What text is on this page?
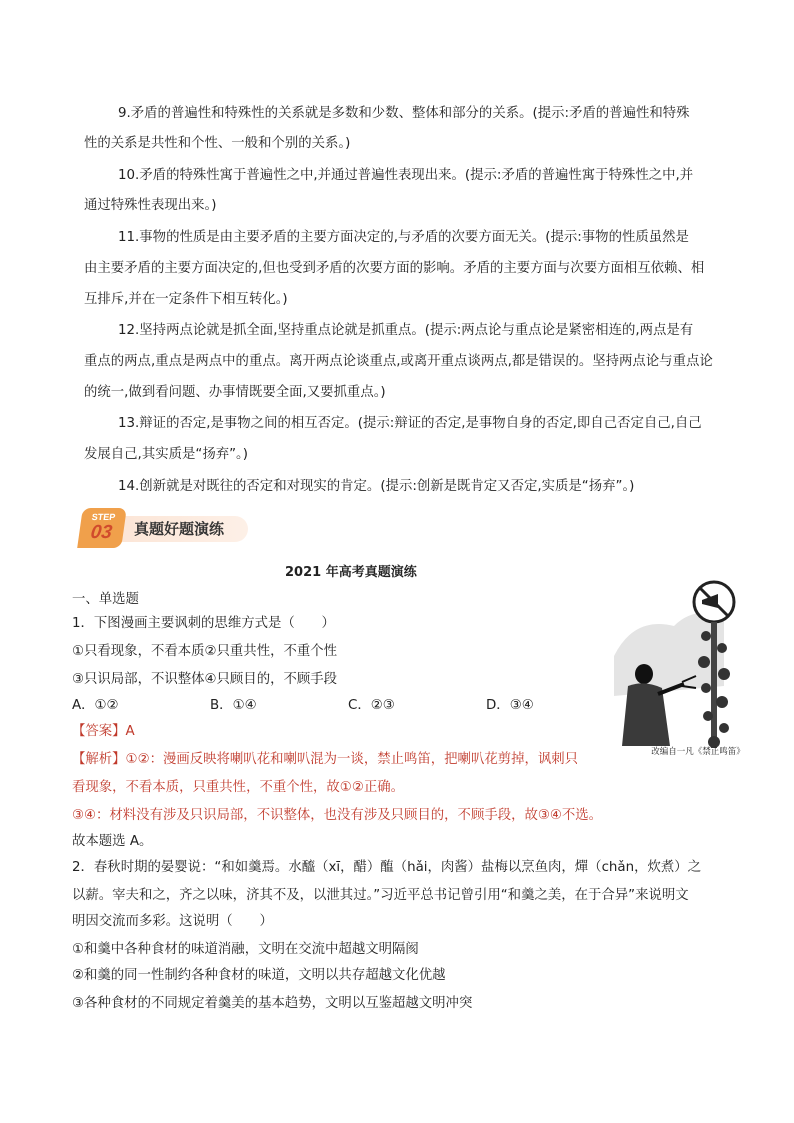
9.矛盾的普遍性和特殊性的关系就是多数和少数、整体和部分的关系。(提示:矛盾的普遍性和特殊
性的关系是共性和个性、一般和个别的关系。)
10.矛盾的特殊性寓于普遍性之中,并通过普遍性表现出来。(提示:矛盾的普遍性寓于特殊性之中,并
通过特殊性表现出来。)
11.事物的性质是由主要矛盾的主要方面决定的,与矛盾的次要方面无关。(提示:事物的性质虽然是
由主要矛盾的主要方面决定的,但也受到矛盾的次要方面的影响。矛盾的主要方面与次要方面相互依赖、相
互排斥,并在一定条件下相互转化。)
12.坚持两点论就是抓全面,坚持重点论就是抓重点。(提示:两点论与重点论是紧密相连的,两点是有
重点的两点,重点是两点中的重点。离开两点论谈重点,或离开重点谈两点,都是错误的。坚持两点论与重点论
的统一,做到看问题、办事情既要全面,又要抓重点。)
13.辩证的否定,是事物之间的相互否定。(提示:辩证的否定,是事物自身的否定,即自己否定自己,自己
发展自己,其实质是“扬弃”。)
14.创新就是对既往的否定和对现实的肯定。(提示:创新是既肯定又否定,实质是“扬弃”。)
STEP
03	真题好题演练
2021 年高考真题演练
一、单选题
1．下图漫画主要讽刺的思维方式是（　　）
①只看现象，不看本质②只重共性，不重个性
③只识局部，不识整体④只顾目的，不顾手段
A．①②	B．①④	C．②③	D．③④
【答案】A
【解析】①②：漫画反映将喇叭花和喇叭混为一谈，禁止鸣笛，把喇叭花剪掉，讽刺只
看现象，不看本质，只重共性，不重个性，故①②正确。
③④：材料没有涉及只识局部，不识整体，也没有涉及只顾目的，不顾手段，故③④不选。
故本题选 A。
改编自一凡《禁止鸣笛》
2．春秋时期的晏婴说：“和如羹焉。水醯（xī，醋）醢（hǎi，肉酱）盐梅以烹鱼肉，燀（chǎn，炊煮）之
以薪。宰夫和之，齐之以味，济其不及，以泄其过。”习近平总书记曾引用“和羹之美，在于合异”来说明文
明因交流而多彩。这说明（　　）
①和羹中各种食材的味道消融，文明在交流中超越文明隔阂
②和羹的同一性制约各种食材的味道，文明以共存超越文化优越
③各种食材的不同规定着羹美的基本趋势，文明以互鉴超越文明冲突
